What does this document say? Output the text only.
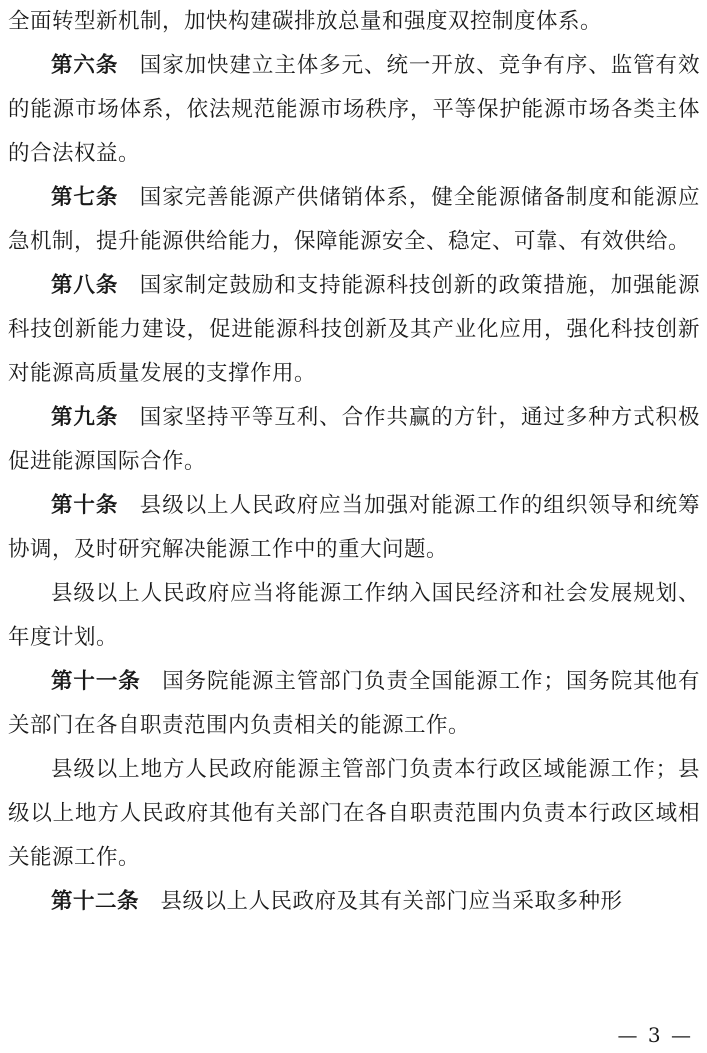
全面转型新机制，加快构建碳排放总量和强度双控制度体系。

第六条 国家加快建立主体多元、统一开放、竞争有序、监管有效的能源市场体系，依法规范能源市场秩序，平等保护能源市场各类主体的合法权益。

第七条 国家完善能源产供储销体系，健全能源储备制度和能源应急机制，提升能源供给能力，保障能源安全、稳定、可靠、有效供给。

第八条 国家制定鼓励和支持能源科技创新的政策措施，加强能源科技创新能力建设，促进能源科技创新及其产业化应用，强化科技创新对能源高质量发展的支撑作用。

第九条 国家坚持平等互利、合作共赢的方针，通过多种方式积极促进能源国际合作。

第十条 县级以上人民政府应当加强对能源工作的组织领导和统筹协调，及时研究解决能源工作中的重大问题。

县级以上人民政府应当将能源工作纳入国民经济和社会发展规划、年度计划。

第十一条 国务院能源主管部门负责全国能源工作；国务院其他有关部门在各自职责范围内负责相关的能源工作。

县级以上地方人民政府能源主管部门负责本行政区域能源工作；县级以上地方人民政府其他有关部门在各自职责范围内负责本行政区域相关能源工作。

第十二条 县级以上人民政府及其有关部门应当采取多种形

— 3 —
